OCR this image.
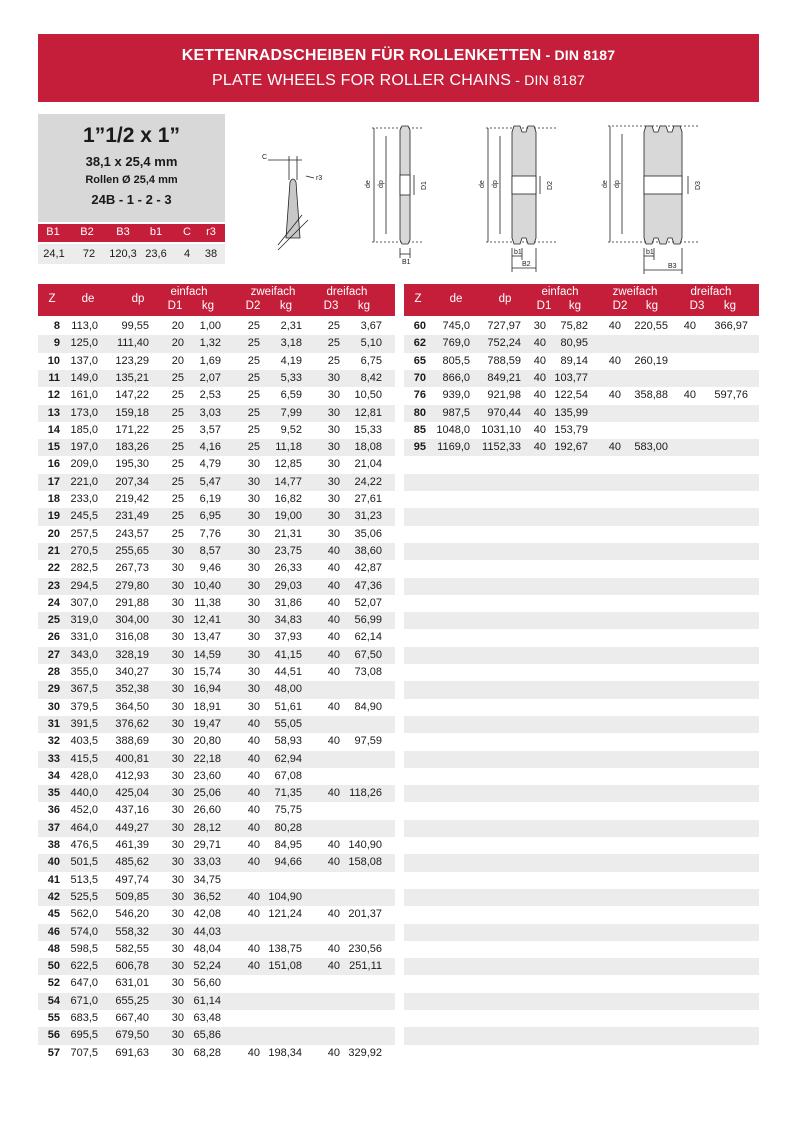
KETTENRADSCHEIBEN FÜR ROLLENKETTEN - DIN 8187
PLATE WHEELS FOR ROLLER CHAINS - DIN 8187
1”1/2 x 1”
38,1 x 25,4 mm
Rollen Ø 25,4 mm
24B - 1 - 2 - 3
B1	B2	B3	b1	C	r3
24,1	72	120,3 23,6	4	38
C
r3
de dp	D1
B1
de dp	D2
b1
B2
de dp	D3
b1
B3
Z	de	dp
einfach	zweifach	dreifach
D1	kg	D2	kg	D3	kg
Z	de	dp
einfach	zweifach	dreifach
D1	kg	D2	kg	D3	kg
8	113,0	99,55	20	1,00	25	2,31	25	3,67
9 125,0	111,40	20	1,32	25	3,18	25	5,10
10 137,0	123,29	20	1,69	25	4,19	25	6,75
11 149,0	135,21	25	2,07	25	5,33	30	8,42
12 161,0	147,22	25	2,53	25	6,59	30	10,50
13 173,0	159,18	25	3,03	25	7,99	30	12,81
14 185,0	171,22	25	3,57	25	9,52	30	15,33
15 197,0	183,26	25	4,16	25	11,18	30	18,08
16 209,0	195,30	25	4,79	30	12,85	30	21,04
17 221,0	207,34	25	5,47	30	14,77	30	24,22
18 233,0	219,42	25	6,19	30	16,82	30	27,61
19 245,5	231,49	25	6,95	30	19,00	30	31,23
20 257,5	243,57	25	7,76	30	21,31	30	35,06
21 270,5	255,65	30	8,57	30	23,75	40	38,60
22 282,5	267,73	30	9,46	30	26,33	40	42,87
23 294,5	279,80	30 10,40	30	29,03	40	47,36
24 307,0	291,88	30 11,38	30	31,86	40	52,07
25 319,0	304,00	30 12,41	30	34,83	40	56,99
26 331,0	316,08	30 13,47	30	37,93	40	62,14
27 343,0	328,19	30 14,59	30	41,15	40	67,50
28 355,0	340,27	30 15,74	30	44,51	40	73,08
29 367,5	352,38	30 16,94	30	48,00
30 379,5	364,50	30 18,91	30	51,61	40	84,90
31 391,5	376,62	30 19,47	40	55,05
32 403,5	388,69	30 20,80	40	58,93	40	97,59
33 415,5	400,81	30 22,18	40	62,94
34 428,0	412,93	30 23,60	40	67,08
35 440,0	425,04	30 25,06	40	71,35	40 118,26
36 452,0	437,16	30 26,60	40	75,75
37 464,0	449,27	30 28,12	40	80,28
38 476,5	461,39	30 29,71	40	84,95	40 140,90
40 501,5	485,62	30 33,03	40	94,66	40 158,08
41 513,5	497,74	30 34,75
42 525,5	509,85	30 36,52	40 104,90
45 562,0	546,20	30 42,08	40 121,24	40 201,37
46 574,0	558,32	30 44,03
48 598,5	582,55	30 48,04	40 138,75	40 230,56
50 622,5	606,78	30 52,24	40 151,08	40 251,11
52 647,0	631,01	30 56,60
54 671,0	655,25	30 61,14
55 683,5	667,40	30 63,48
56 695,5	679,50	30 65,86
57 707,5	691,63	30 68,28	40 198,34	40 329,92
60	745,0	727,97	30	75,82	40	220,55	40	366,97
62	769,0	752,24	40	80,95
65	805,5	788,59	40	89,14	40	260,19
70	866,0	849,21	40 103,77
76	939,0	921,98	40 122,54	40	358,88	40	597,76
80	987,5	970,44	40 135,99
85 1048,0	1031,10	40 153,79
95	1169,0	1152,33	40 192,67	40	583,00
